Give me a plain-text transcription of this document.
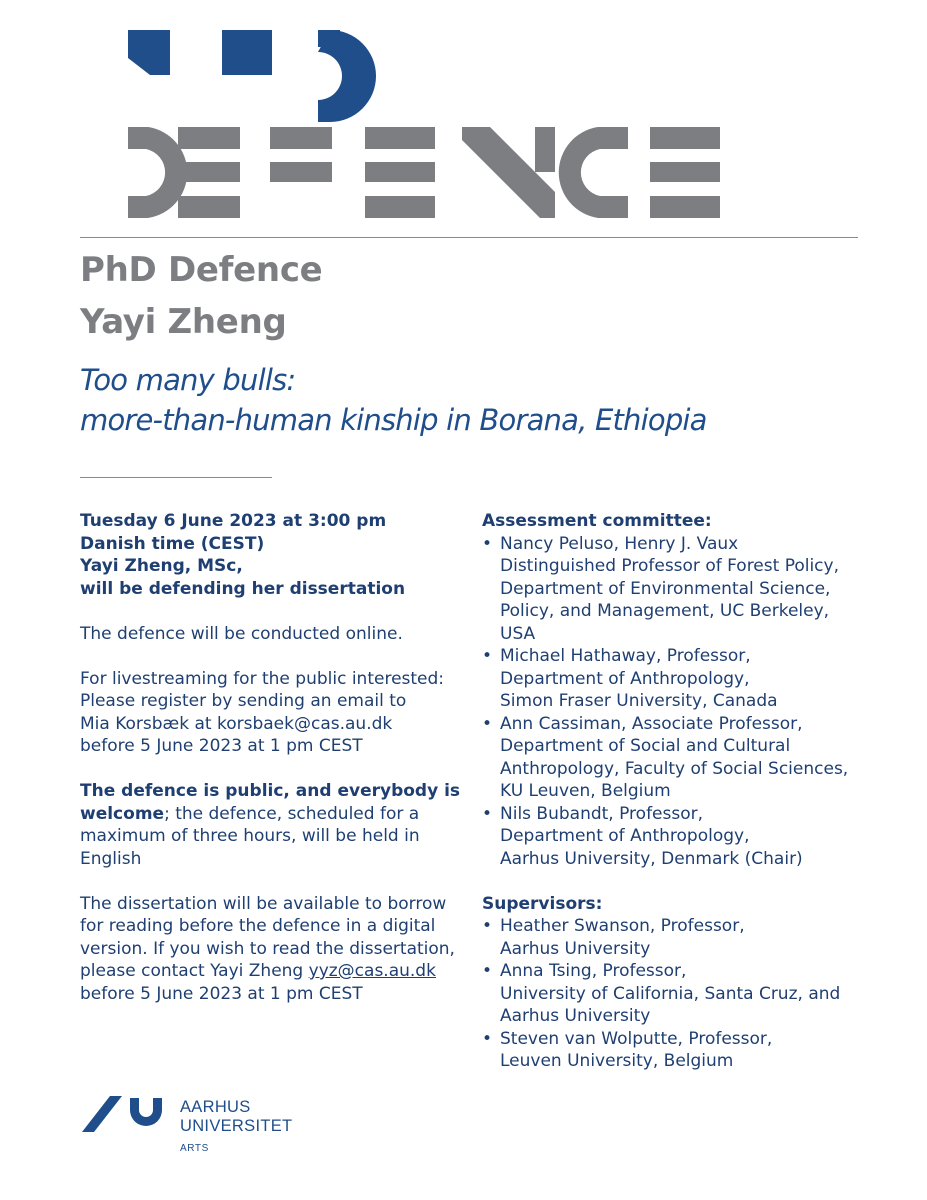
PhD Defence
Yayi Zheng
Too many bulls:
more-than-human kinship in Borana, Ethiopia

Tuesday 6 June 2023 at 3:00 pm

Danish time (CEST)

Yayi Zheng, MSc,

will be defending her dissertation

The defence will be conducted online.

For livestreaming for the public interested:

Please register by sending an email to

Mia Korsbæk at korsbaek@cas.au.dk

before 5 June 2023 at 1 pm CEST

The defence is public, and everybody is

welcome; the defence, scheduled for a

maximum of three hours, will be held in

English

The dissertation will be available to borrow

for reading before the defence in a digital

version. If you wish to read the dissertation,

please contact Yayi Zheng yyz@cas.au.dk

before 5 June 2023 at 1 pm CEST

Assessment committee:

• Nancy Peluso, Henry J. Vaux

Distinguished Professor of Forest Policy,

Department of Environmental Science,

Policy, and Management, UC Berkeley,

USA

• Michael Hathaway, Professor,

Department of Anthropology,

Simon Fraser University, Canada

• Ann Cassiman, Associate Professor,

Department of Social and Cultural

Anthropology, Faculty of Social Sciences,

KU Leuven, Belgium

• Nils Bubandt, Professor,

Department of Anthropology,

Aarhus University, Denmark (Chair)

Supervisors:

• Heather Swanson, Professor,

Aarhus University

• Anna Tsing, Professor,

University of California, Santa Cruz, and

Aarhus University

• Steven van Wolputte, Professor,

Leuven University, Belgium

AARHUS
UNIVERSITET
ARTS
